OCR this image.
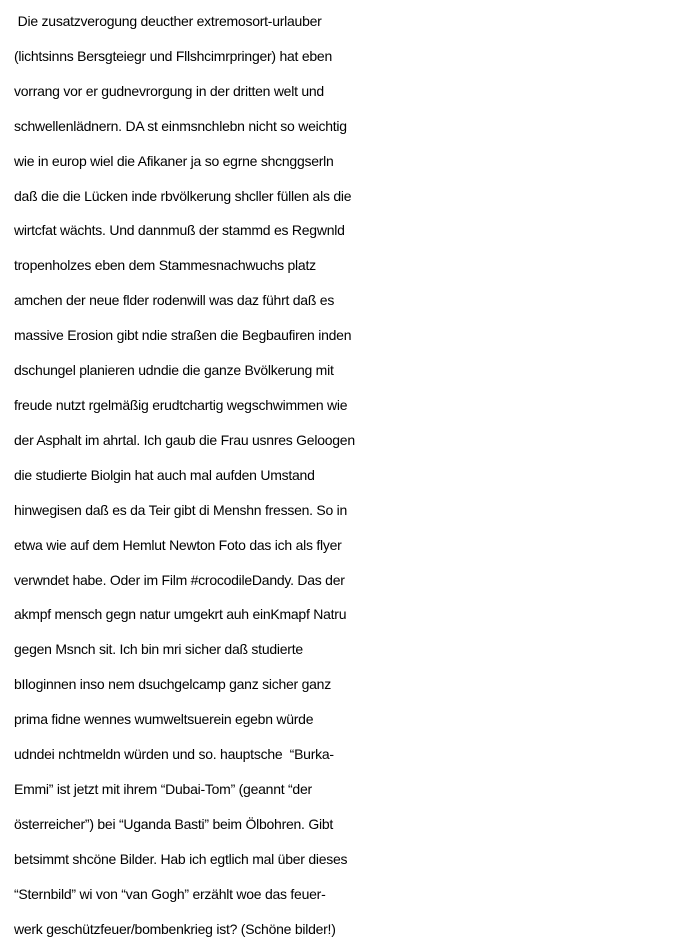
Die zusatzverogung deucther extremosort-urlauber
(lichtsinns Bersgteiegr und Fllshcimrpringer) hat eben
vorrang vor er gudnevrorgung in der dritten welt und
schwellenlädnern. DA st einmsnchlebn nicht so weichtig
wie in europ wiel die Afikaner ja so egrne shcnggserln
daß die die Lücken inde rbvölkerung shcller füllen als die
wirtcfat wächts. Und dannmuß der stammd es Regwnld
tropenholzes eben dem Stammesnachwuchs platz
amchen der neue flder rodenwill was daz führt daß es
massive Erosion gibt ndie straßen die Begbaufiren inden
dschungel planieren udndie die ganze Bvölkerung mit
freude nutzt rgelmäßig erudtchartig wegschwimmen wie
der Asphalt im ahrtal. Ich gaub die Frau usnres Geloogen
die studierte Biolgin hat auch mal aufden Umstand
hinwegisen daß es da Teir gibt di Menshn fressen. So in
etwa wie auf dem Hemlut Newton Foto das ich als flyer
verwndet habe. Oder im Film #crocodileDandy. Das der
akmpf mensch gegn natur umgekrt auh einKmapf Natru
gegen Msnch sit. Ich bin mri sicher daß studierte
bIloginnen inso nem dsuchgelcamp ganz sicher ganz
prima fidne wennes wumweltsuerein egebn würde
udndei nchtmeldn würden und so. hauptsche  “Burka-
Emmi” ist jetzt mit ihrem “Dubai-Tom” (geannt “der
österreicher”) bei “Uganda Basti” beim Ölbohren. Gibt
betsimmt shcöne Bilder. Hab ich egtlich mal über dieses
“Sternbild” wi von “van Gogh” erzählt woe das feuer-
werk geschützfeuer/bombenkrieg ist? (Schöne bilder!)
